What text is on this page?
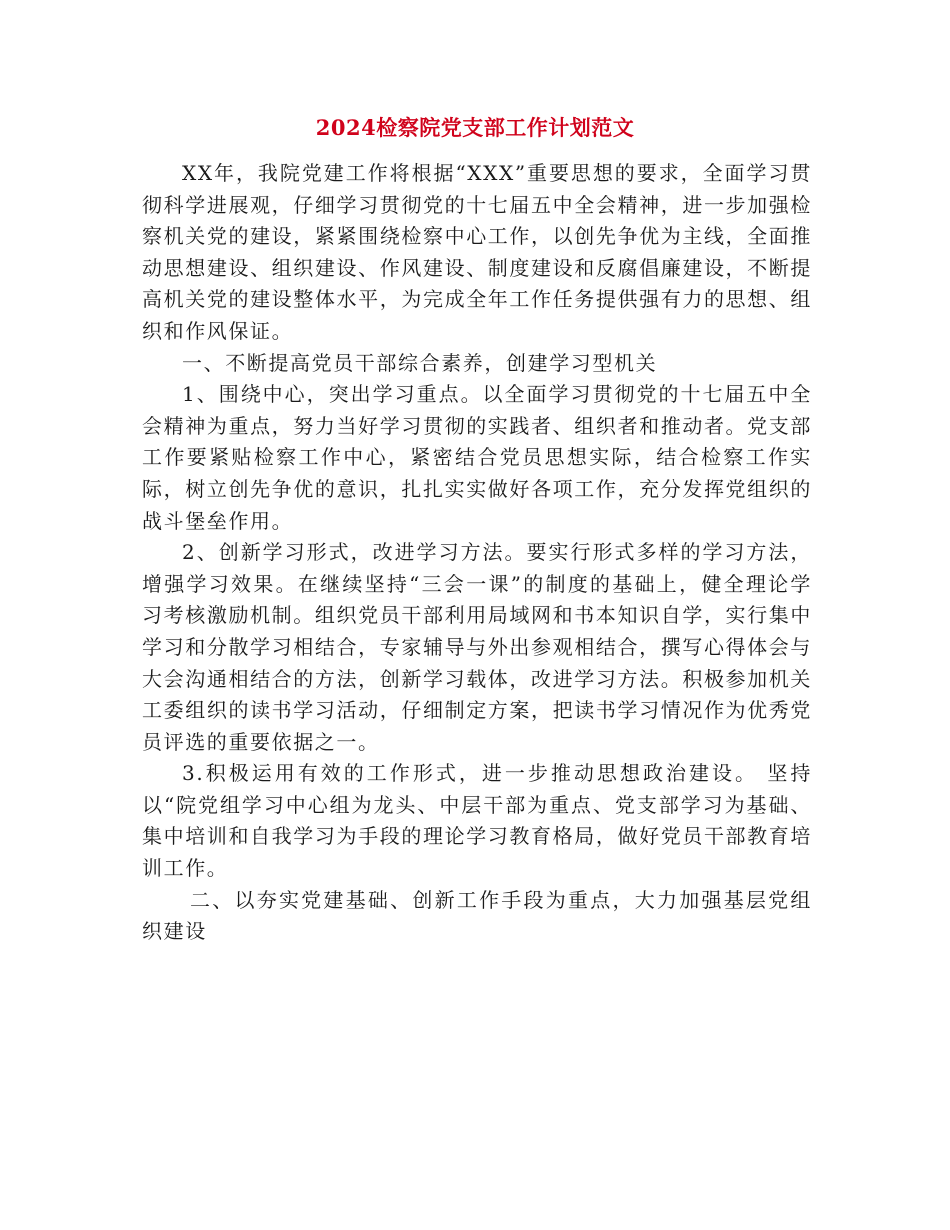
2024检察院党支部工作计划范文

XX年，我院党建工作将根据“XXX”重要思想的要求，全面学习贯彻科学进展观，仔细学习贯彻党的十七届五中全会精神，进一步加强检察机关党的建设，紧紧围绕检察中心工作，以创先争优为主线，全面推动思想建设、组织建设、作风建设、制度建设和反腐倡廉建设，不断提高机关党的建设整体水平，为完成全年工作任务提供强有力的思想、组织和作风保证。

一、不断提高党员干部综合素养，创建学习型机关

1、围绕中心，突出学习重点。以全面学习贯彻党的十七届五中全会精神为重点，努力当好学习贯彻的实践者、组织者和推动者。党支部工作要紧贴检察工作中心，紧密结合党员思想实际，结合检察工作实际，树立创先争优的意识，扎扎实实做好各项工作，充分发挥党组织的战斗堡垒作用。

2、创新学习形式，改进学习方法。要实行形式多样的学习方法，增强学习效果。在继续坚持“三会一课”的制度的基础上，健全理论学习考核激励机制。组织党员干部利用局域网和书本知识自学，实行集中学习和分散学习相结合，专家辅导与外出参观相结合，撰写心得体会与大会沟通相结合的方法，创新学习载体，改进学习方法。积极参加机关工委组织的读书学习活动，仔细制定方案，把读书学习情况作为优秀党员评选的重要依据之一。

3.积极运用有效的工作形式，进一步推动思想政治建设。 坚持以“院党组学习中心组为龙头、中层干部为重点、党支部学习为基础、集中培训和自我学习为手段的理论学习教育格局，做好党员干部教育培训工作。

二、以夯实党建基础、创新工作手段为重点，大力加强基层党组织建设
